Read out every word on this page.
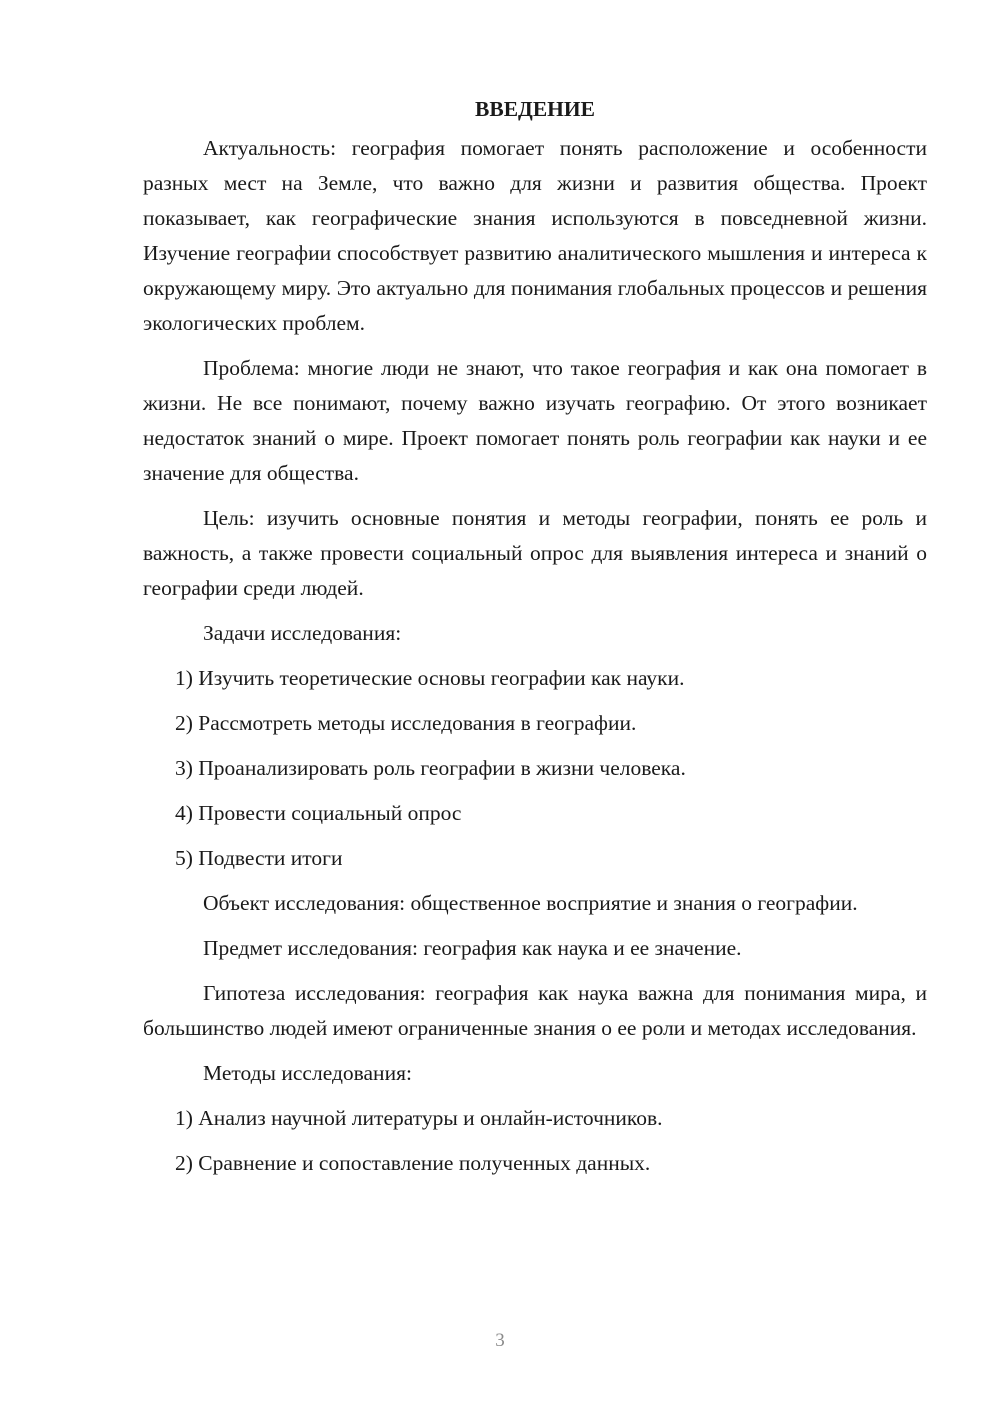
ВВЕДЕНИЕ

Актуальность: география помогает понять расположение и особенности разных мест на Земле, что важно для жизни и развития общества. Проект показывает, как географические знания используются в повседневной жизни. Изучение географии способствует развитию аналитического мышления и интереса к окружающему миру. Это актуально для понимания глобальных процессов и решения экологических проблем.

Проблема: многие люди не знают, что такое география и как она помогает в жизни. Не все понимают, почему важно изучать географию. От этого возникает недостаток знаний о мире. Проект помогает понять роль географии как науки и ее значение для общества.

Цель: изучить основные понятия и методы географии, понять ее роль и важность, а также провести социальный опрос для выявления интереса и знаний о географии среди людей.

Задачи исследования:

1) Изучить теоретические основы географии как науки.
2) Рассмотреть методы исследования в географии.
3) Проанализировать роль географии в жизни человека.
4) Провести социальный опрос
5) Подвести итоги

Объект исследования: общественное восприятие и знания о географии.

Предмет исследования: география как наука и ее значение.

Гипотеза исследования: география как наука важна для понимания мира, и большинство людей имеют ограниченные знания о ее роли и методах исследования.

Методы исследования:

1) Анализ научной литературы и онлайн-источников.
2) Сравнение и сопоставление полученных данных.
3
